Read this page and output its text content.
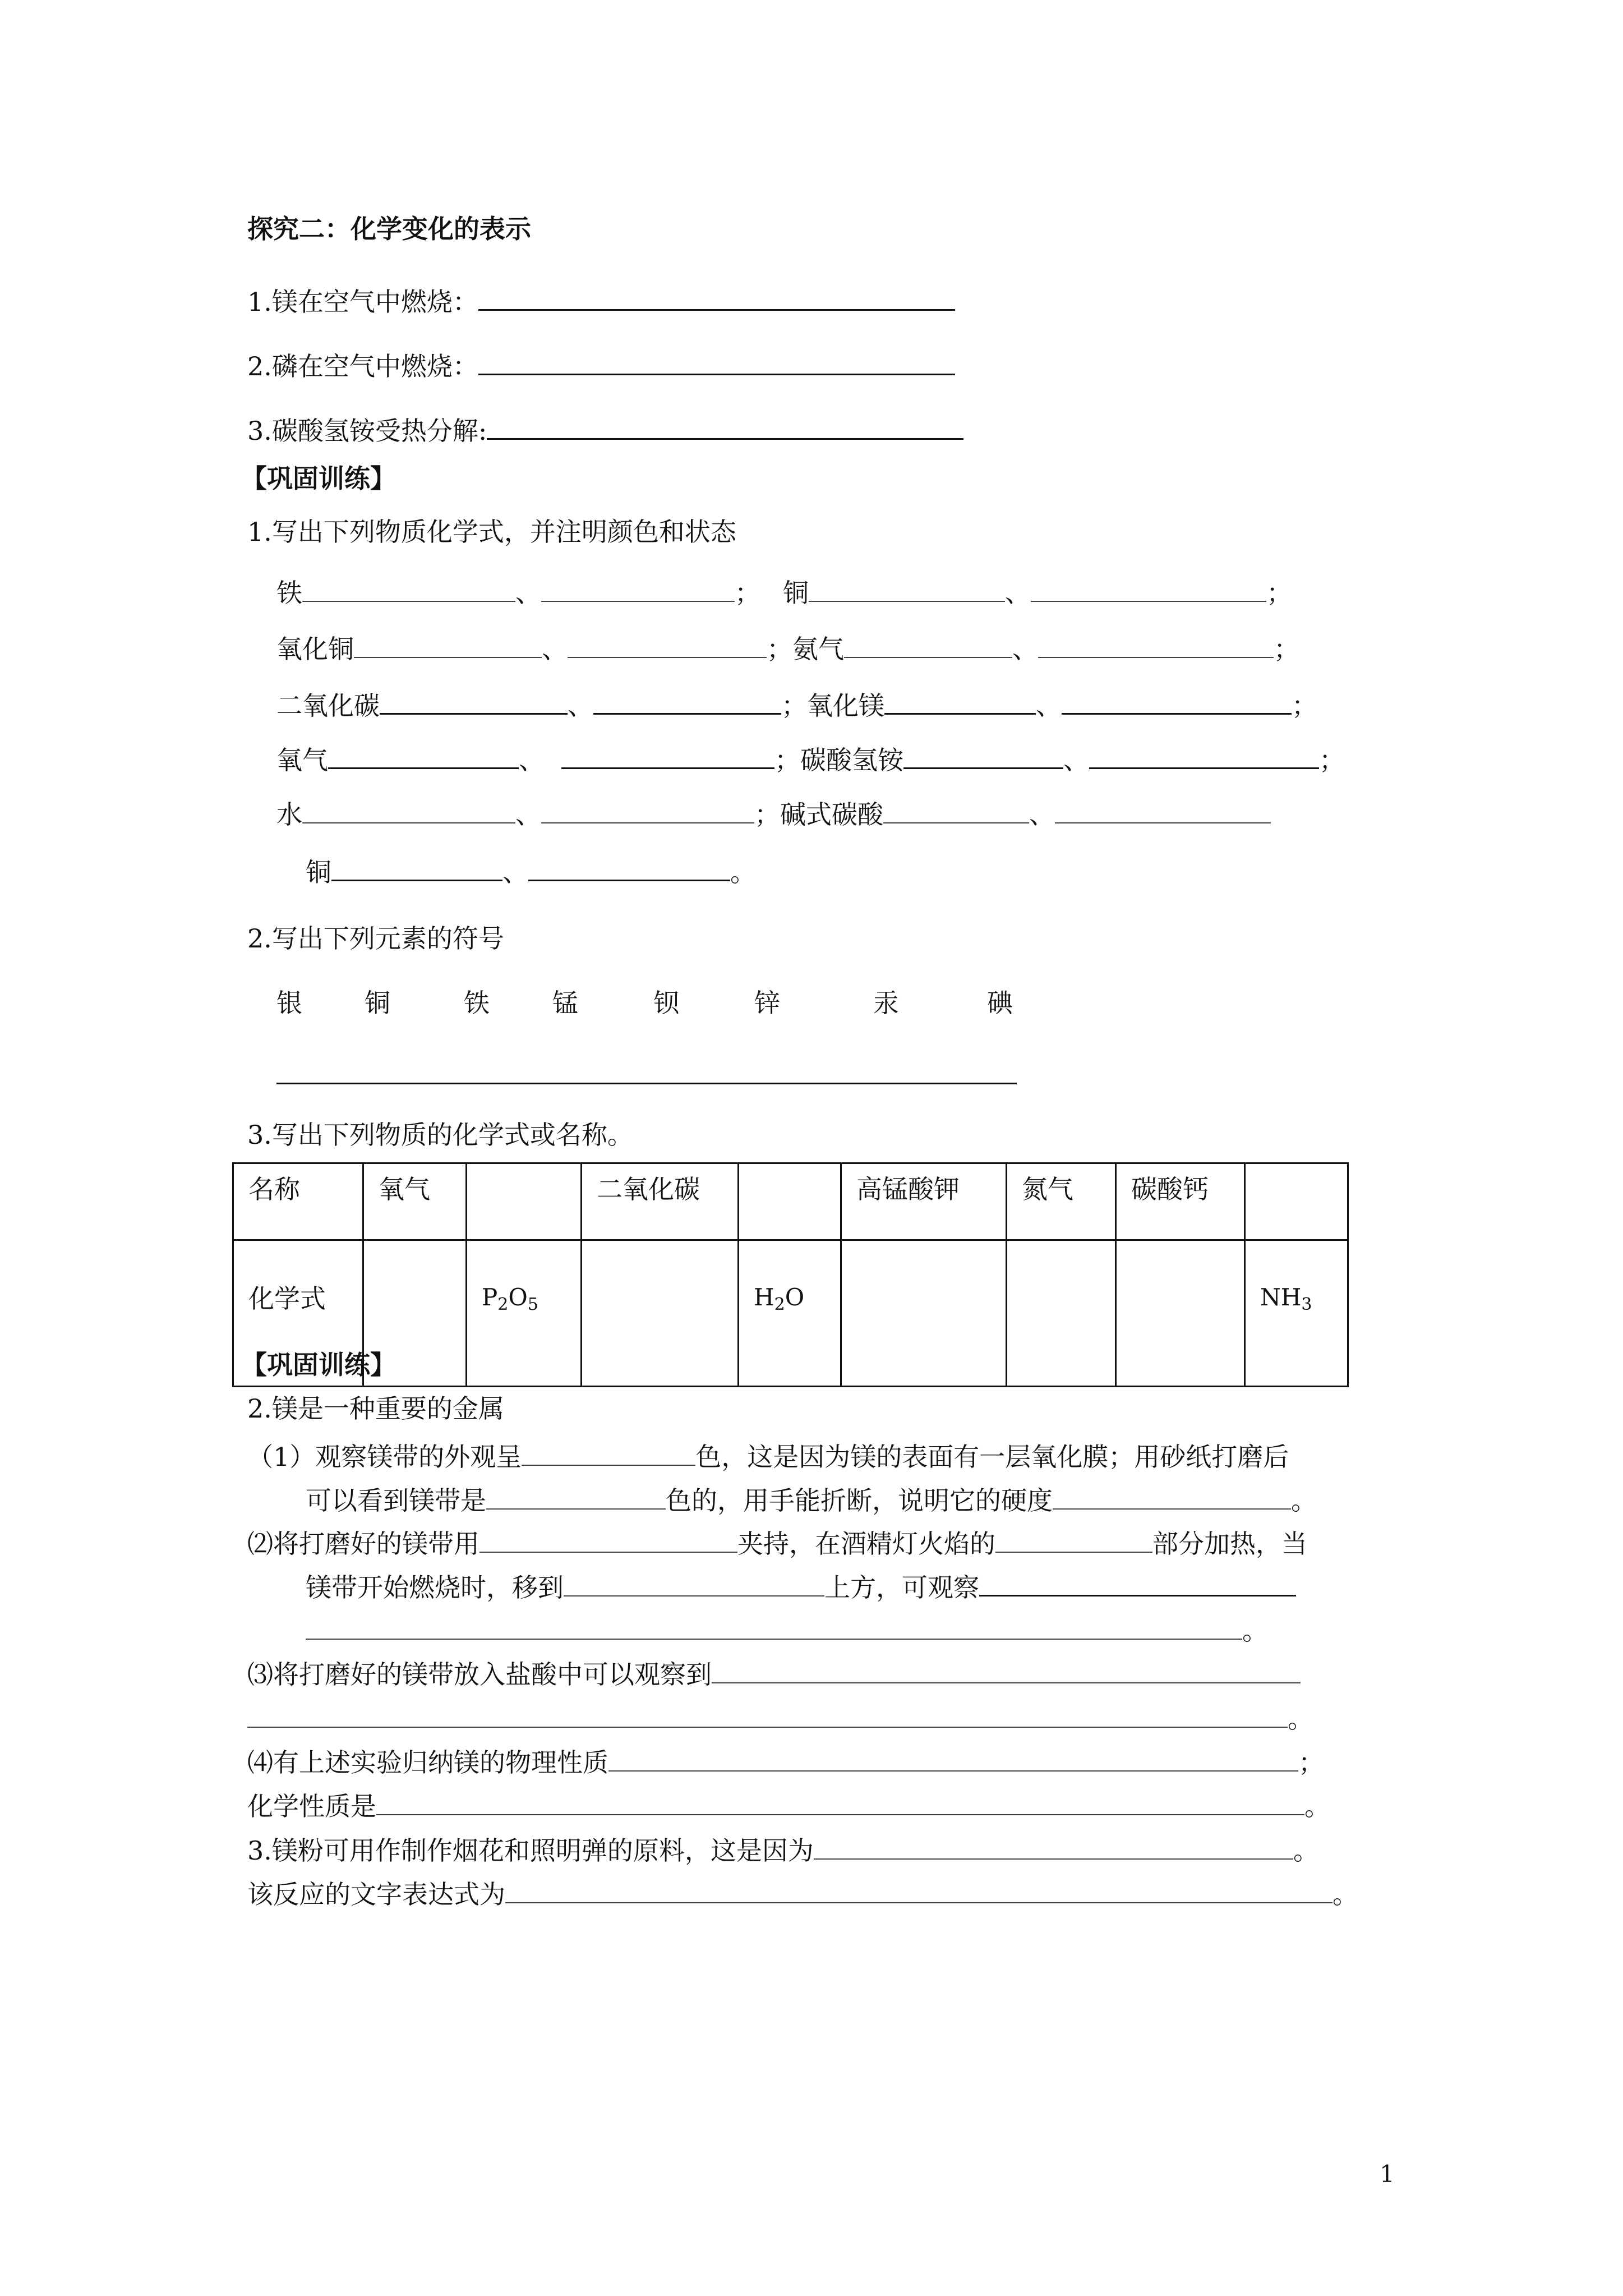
探究二：化学变化的表示
1.镁在空气中燃烧：
2.磷在空气中燃烧：
3.碳酸氢铵受热分解:
【巩固训练】
1.写出下列物质化学式，并注明颜色和状态
铁	、	； 铜	、	；
氧化铜	、	；氨气	、	；
二氧化碳	、	；氧化镁	、	；
氧气	、	；碳酸氢铵	、	；
水	、	；碱式碳酸	、
铜	、	。
2.写出下列元素的符号
银 铜	铁 锰	钡	锌	汞	碘
3.写出下列物质的化学式或名称。
名称	氧气		二氧化碳		高锰酸钾	氮气	碳酸钙	
化学式		$P_2O_5$		$H_2O$				$NH_3$
【巩固训练】
2.镁是一种重要的金属
（1）观察镁带的外观呈	色，这是因为镁的表面有一层氧化膜；用砂纸打磨后
可以看到镁带是	色的，用手能折断，说明它的硬度	。
⑵将打磨好的镁带用	夹持，在酒精灯火焰的	部分加热，当
镁带开始燃烧时，移到	上方，可观察
。
⑶将打磨好的镁带放入盐酸中可以观察到
。
⑷有上述实验归纳镁的物理性质	；
化学性质是	。
3.镁粉可用作制作烟花和照明弹的原料，这是因为	。
该反应的文字表达式为	。
1
